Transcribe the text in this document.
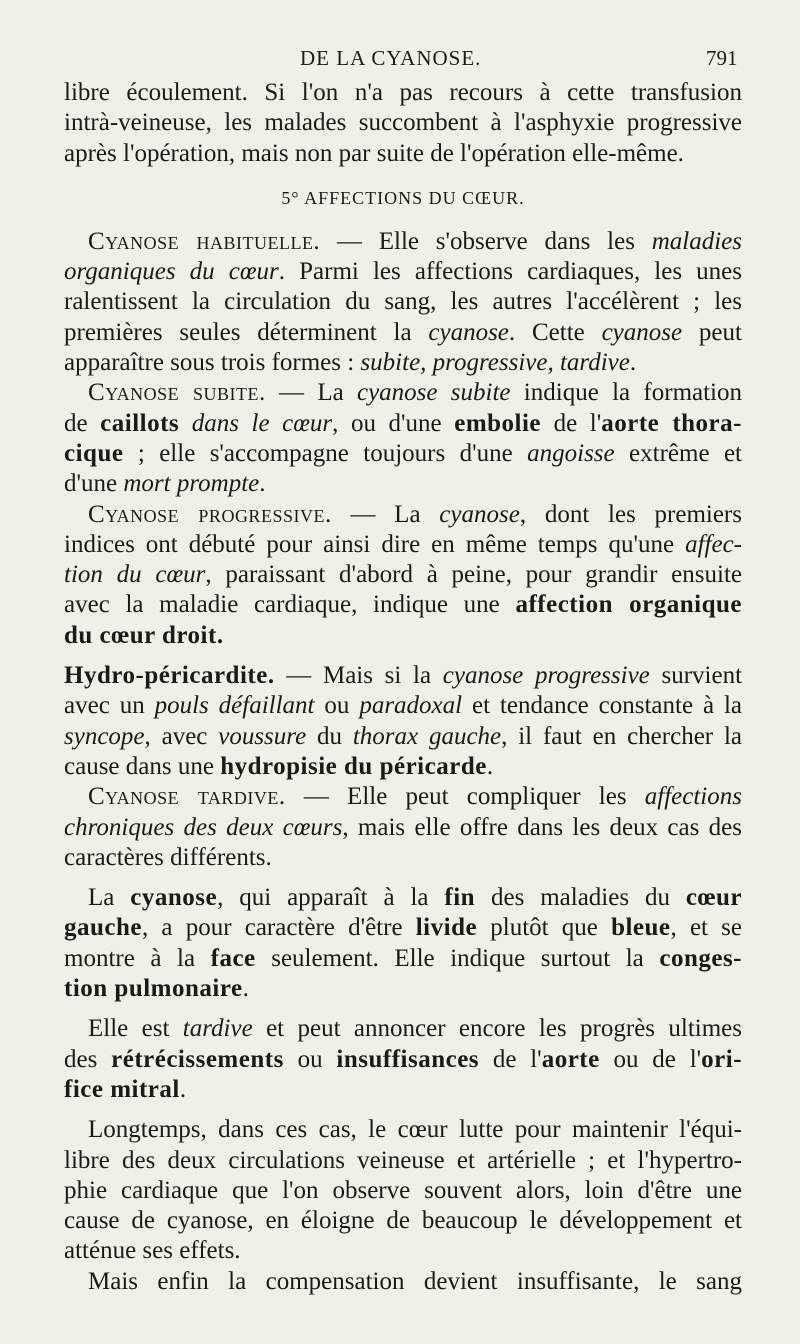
DE LA CYANOSE.	791

libre écoulement. Si l'on n'a pas recours à cette transfusion
intrà-veineuse, les malades succombent à l'asphyxie progressive
après l'opération, mais non par suite de l'opération elle-même.

5° AFFECTIONS DU CŒUR.

Cyanose habituelle. — Elle s'observe dans les maladies
organiques du cœur. Parmi les affections cardiaques, les unes
ralentissent la circulation du sang, les autres l'accélèrent ; les
premières seules déterminent la cyanose. Cette cyanose peut
apparaître sous trois formes : subite, progressive, tardive.

Cyanose subite. — La cyanose subite indique la formation
de caillots dans le cœur, ou d'une embolie de l'aorte thora-
cique ; elle s'accompagne toujours d'une angoisse extrême et
d'une mort prompte.

Cyanose progressive. — La cyanose, dont les premiers
indices ont débuté pour ainsi dire en même temps qu'une affec-
tion du cœur, paraissant d'abord à peine, pour grandir ensuite
avec la maladie cardiaque, indique une affection organique
du cœur droit.

Hydro-péricardite. — Mais si la cyanose progressive survient
avec un pouls défaillant ou paradoxal et tendance constante à la
syncope, avec voussure du thorax gauche, il faut en chercher la
cause dans une hydropisie du péricarde.

Cyanose tardive. — Elle peut compliquer les affections
chroniques des deux cœurs, mais elle offre dans les deux cas des
caractères différents.

La cyanose, qui apparaît à la fin des maladies du cœur
gauche, a pour caractère d'être livide plutôt que bleue, et se
montre à la face seulement. Elle indique surtout la conges-
tion pulmonaire.

Elle est tardive et peut annoncer encore les progrès ultimes
des rétrécissements ou insuffisances de l'aorte ou de l'ori-
fice mitral.

Longtemps, dans ces cas, le cœur lutte pour maintenir l'équi-
libre des deux circulations veineuse et artérielle ; et l'hypertro-
phie cardiaque que l'on observe souvent alors, loin d'être une
cause de cyanose, en éloigne de beaucoup le développement et
atténue ses effets.

Mais enfin la compensation devient insuffisante, le sang
